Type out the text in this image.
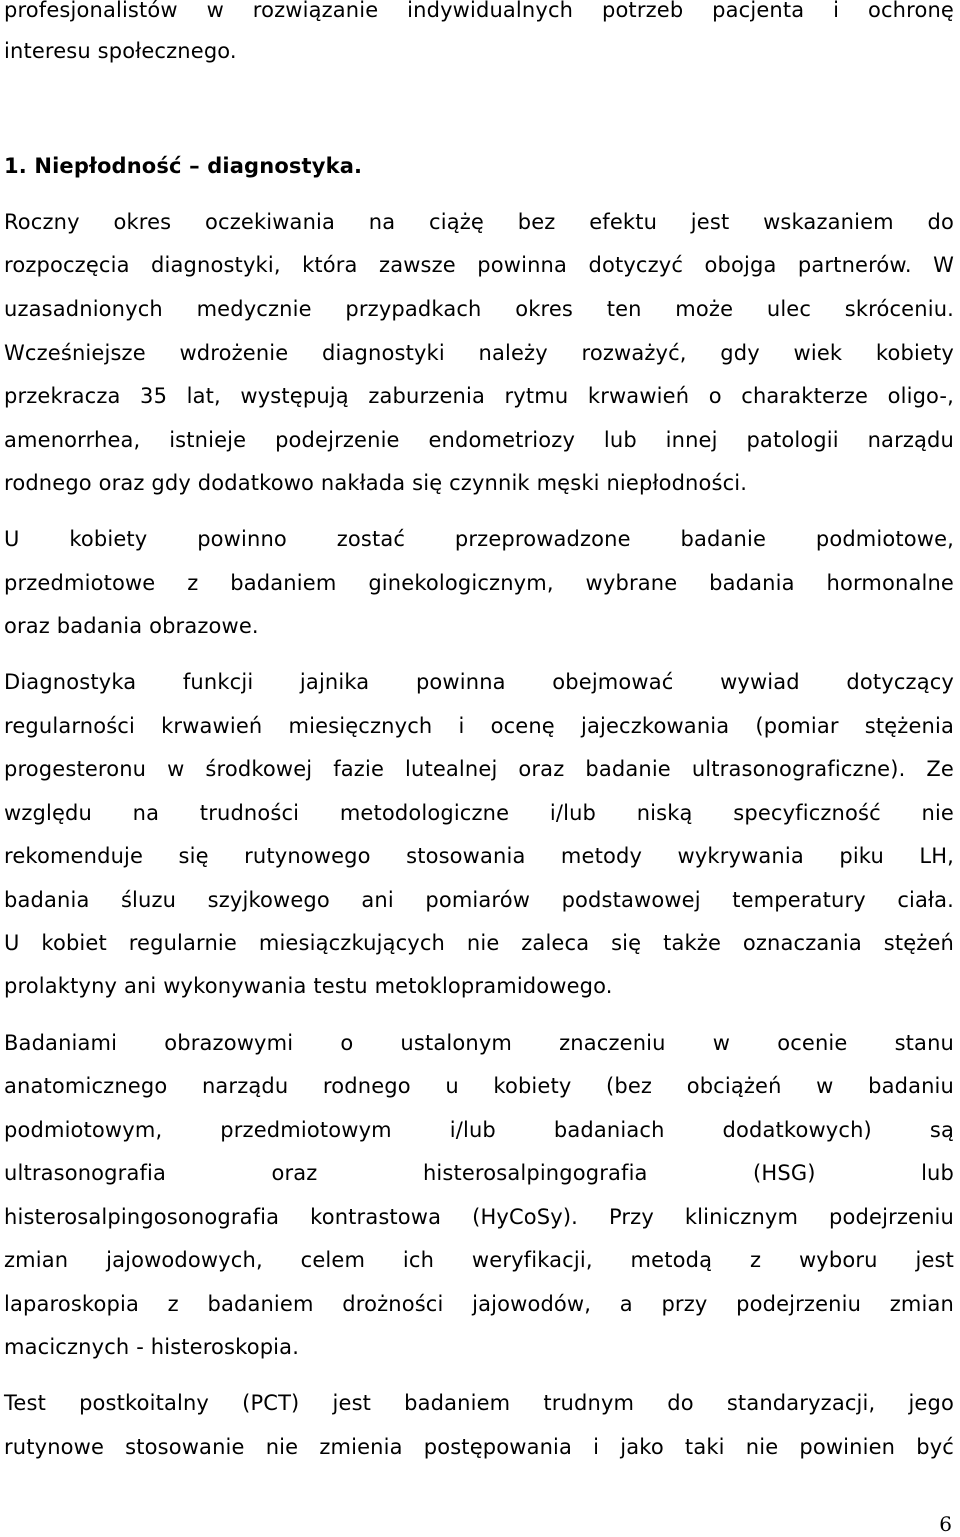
profesjonalistów w rozwiązanie indywidualnych potrzeb pacjenta i ochronę
interesu społecznego.
1. Niepłodność – diagnostyka.
Roczny okres oczekiwania na ciążę bez efektu jest wskazaniem do
rozpoczęcia diagnostyki, która zawsze powinna dotyczyć obojga partnerów. W
uzasadnionych medycznie przypadkach okres ten może ulec skróceniu.
Wcześniejsze wdrożenie diagnostyki należy rozważyć, gdy wiek kobiety
przekracza 35 lat, występują zaburzenia rytmu krwawień o charakterze oligo-,
amenorrhea, istnieje podejrzenie endometriozy lub innej patologii narządu
rodnego oraz gdy dodatkowo nakłada się czynnik męski niepłodności.
U kobiety powinno zostać przeprowadzone badanie podmiotowe,
przedmiotowe z badaniem ginekologicznym, wybrane badania hormonalne
oraz badania obrazowe.
Diagnostyka funkcji jajnika powinna obejmować wywiad dotyczący
regularności krwawień miesięcznych i ocenę jajeczkowania (pomiar stężenia
progesteronu w środkowej fazie lutealnej oraz badanie ultrasonograficzne). Ze
względu na trudności metodologiczne i/lub niską specyficzność nie
rekomenduje się rutynowego stosowania metody wykrywania piku LH,
badania śluzu szyjkowego ani pomiarów podstawowej temperatury ciała.
U kobiet regularnie miesiączkujących nie zaleca się także oznaczania stężeń
prolaktyny ani wykonywania testu metoklopramidowego.
Badaniami obrazowymi o ustalonym znaczeniu w ocenie stanu
anatomicznego narządu rodnego u kobiety (bez obciążeń w badaniu
podmiotowym, przedmiotowym i/lub badaniach dodatkowych) są
ultrasonografia oraz histerosalpingografia (HSG) lub
histerosalpingosonografia kontrastowa (HyCoSy). Przy klinicznym podejrzeniu
zmian jajowodowych, celem ich weryfikacji, metodą z wyboru jest
laparoskopia z badaniem drożności jajowodów, a przy podejrzeniu zmian
macicznych - histeroskopia.
Test postkoitalny (PCT) jest badaniem trudnym do standaryzacji, jego
rutynowe stosowanie nie zmienia postępowania i jako taki nie powinien być
6
